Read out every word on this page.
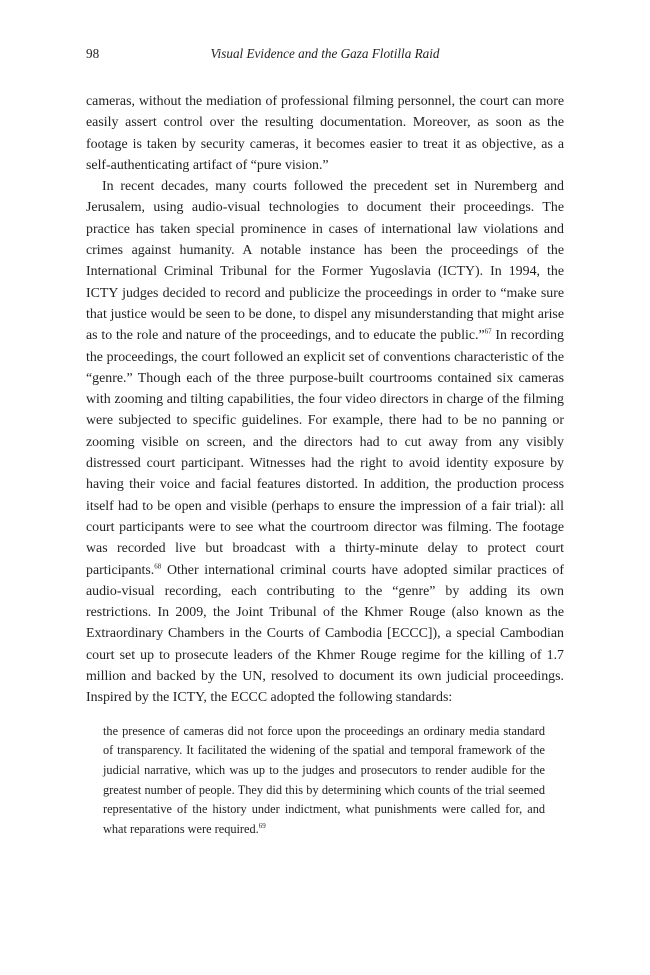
98	Visual Evidence and the Gaza Flotilla Raid

cameras, without the mediation of professional filming personnel, the court can more easily assert control over the resulting documentation. Moreover, as soon as the footage is taken by security cameras, it becomes easier to treat it as objective, as a self-authenticating artifact of “pure vision.”

In recent decades, many courts followed the precedent set in Nuremberg and Jerusalem, using audio-visual technologies to document their proceedings. The practice has taken special prominence in cases of international law violations and crimes against humanity. A notable instance has been the proceedings of the International Criminal Tribunal for the Former Yugoslavia (ICTY). In 1994, the ICTY judges decided to record and publicize the proceedings in order to “make sure that justice would be seen to be done, to dispel any misunderstanding that might arise as to the role and nature of the proceedings, and to educate the public.”$^{67}$ In recording the proceedings, the court followed an explicit set of conventions characteristic of the “genre.” Though each of the three purpose-built courtrooms contained six cameras with zooming and tilting capabilities, the four video directors in charge of the filming were subjected to specific guidelines. For example, there had to be no panning or zooming visible on screen, and the directors had to cut away from any visibly distressed court participant. Witnesses had the right to avoid identity exposure by having their voice and facial features distorted. In addition, the production process itself had to be open and visible (perhaps to ensure the impression of a fair trial): all court participants were to see what the courtroom director was filming. The footage was recorded live but broadcast with a thirty-minute delay to protect court participants.$^{68}$ Other international criminal courts have adopted similar practices of audio-visual recording, each contributing to the “genre” by adding its own restrictions. In 2009, the Joint Tribunal of the Khmer Rouge (also known as the Extraordinary Chambers in the Courts of Cambodia [ECCC]), a special Cambodian court set up to prosecute leaders of the Khmer Rouge regime for the killing of 1.7 million and backed by the UN, resolved to document its own judicial proceedings. Inspired by the ICTY, the ECCC adopted the following standards:

the presence of cameras did not force upon the proceedings an ordinary media standard of transparency. It facilitated the widening of the spatial and temporal framework of the judicial narrative, which was up to the judges and prosecutors to render audible for the greatest number of people. They did this by determining which counts of the trial seemed representative of the history under indictment, what punishments were called for, and what reparations were required.$^{69}$
